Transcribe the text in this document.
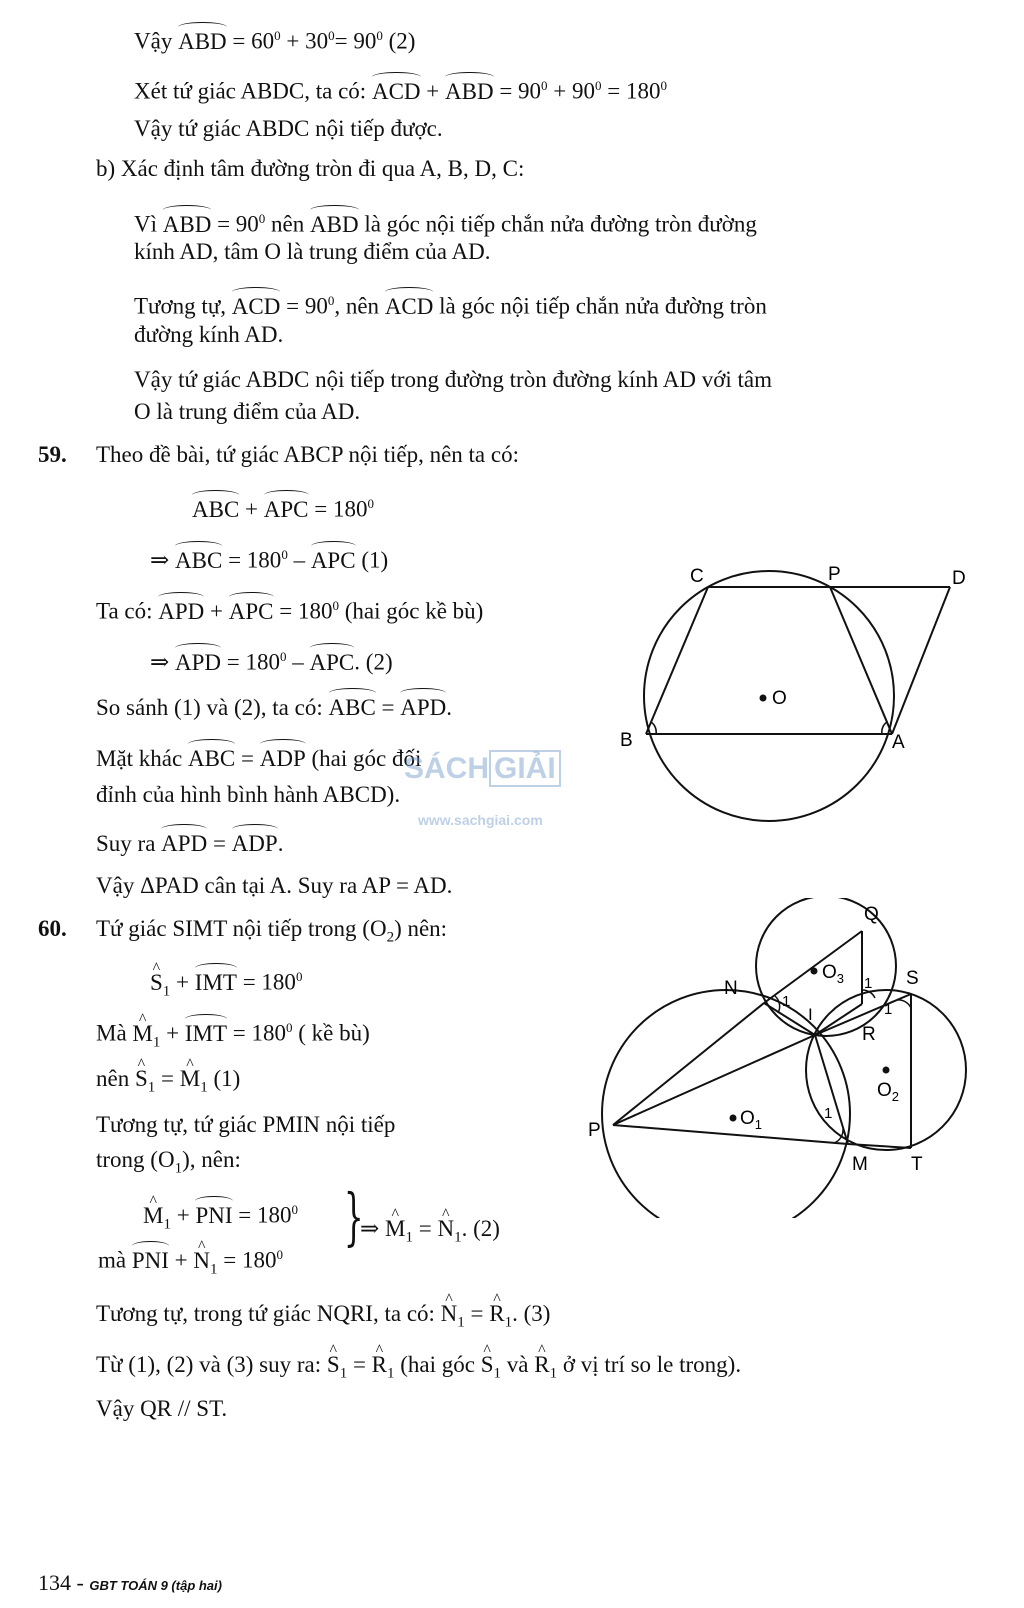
Vậy ABD = $60^0 + 30^0= 90^0$ (2)
Xét tứ giác ABDC, ta có: ACD + ABD = $90^0 + 90^0 = 180^0$
Vậy tứ giác ABDC nội tiếp được.
b) Xác định tâm đường tròn đi qua A, B, D, C:
Vì ABD = $90^0$ nên ABD là góc nội tiếp chắn nửa đường tròn đường
kính AD, tâm O là trung điểm của AD.
Tương tự, ACD = $90^0$, nên ACD là góc nội tiếp chắn nửa đường tròn
đường kính AD.
Vậy tứ giác ABDC nội tiếp trong đường tròn đường kính AD với tâm
O là trung điểm của AD.
59. Theo đề bài, tứ giác ABCP nội tiếp, nên ta có:
ABC + APC = $180^0$
⇒ ABC = $180^0$ – APC (1)
Ta có: APD + APC = $180^0$ (hai góc kề bù)
⇒ APD = $180^0$ – APC. (2)
So sánh (1) và (2), ta có: ABC = APD.
Mặt khác ABC = ADP (hai góc đối
đỉnh của hình bình hành ABCD).
Suy ra APD = ADP.
Vậy ΔPAD cân tại A. Suy ra AP = AD.
SÁCH GIẢI
www.sachgiai.com
C	P	D
O
B	A
60. Tứ giác SIMT nội tiếp trong $(O_2)$ nên:
^ $S_1$ + IMT = $180^0$
Mà ^ $M_1$ + IMT = $180^0$ ( kề bù)
nên ^ $S_1$ = ^ $M_1$ (1)
Tương tự, tứ giác PMIN nội tiếp
trong $(O_1)$, nên:
^ $M_1$ + PNI = $180^0$
mà PNI + ^ $N_1 = 180^0$
}
⇒ ^ $M_1$ = ^ $N_1$. (2)
Tương tự, trong tứ giác NQRI, ta có: ^ $N_1$ = ^ $R_1$. (3)
Từ (1), (2) và (3) suy ra: ^ $S_1$ = ^ $R_1$ (hai góc ^ $S_1$ và ^ $R_1$ ở vị trí so le trong).
Vậy QR // ST.
Q
N	S
$O_3$
I
R
$O_2$
$O_1$
P
M T
1
1
1
1
134 - GBT TOÁN 9 (tập hai)
